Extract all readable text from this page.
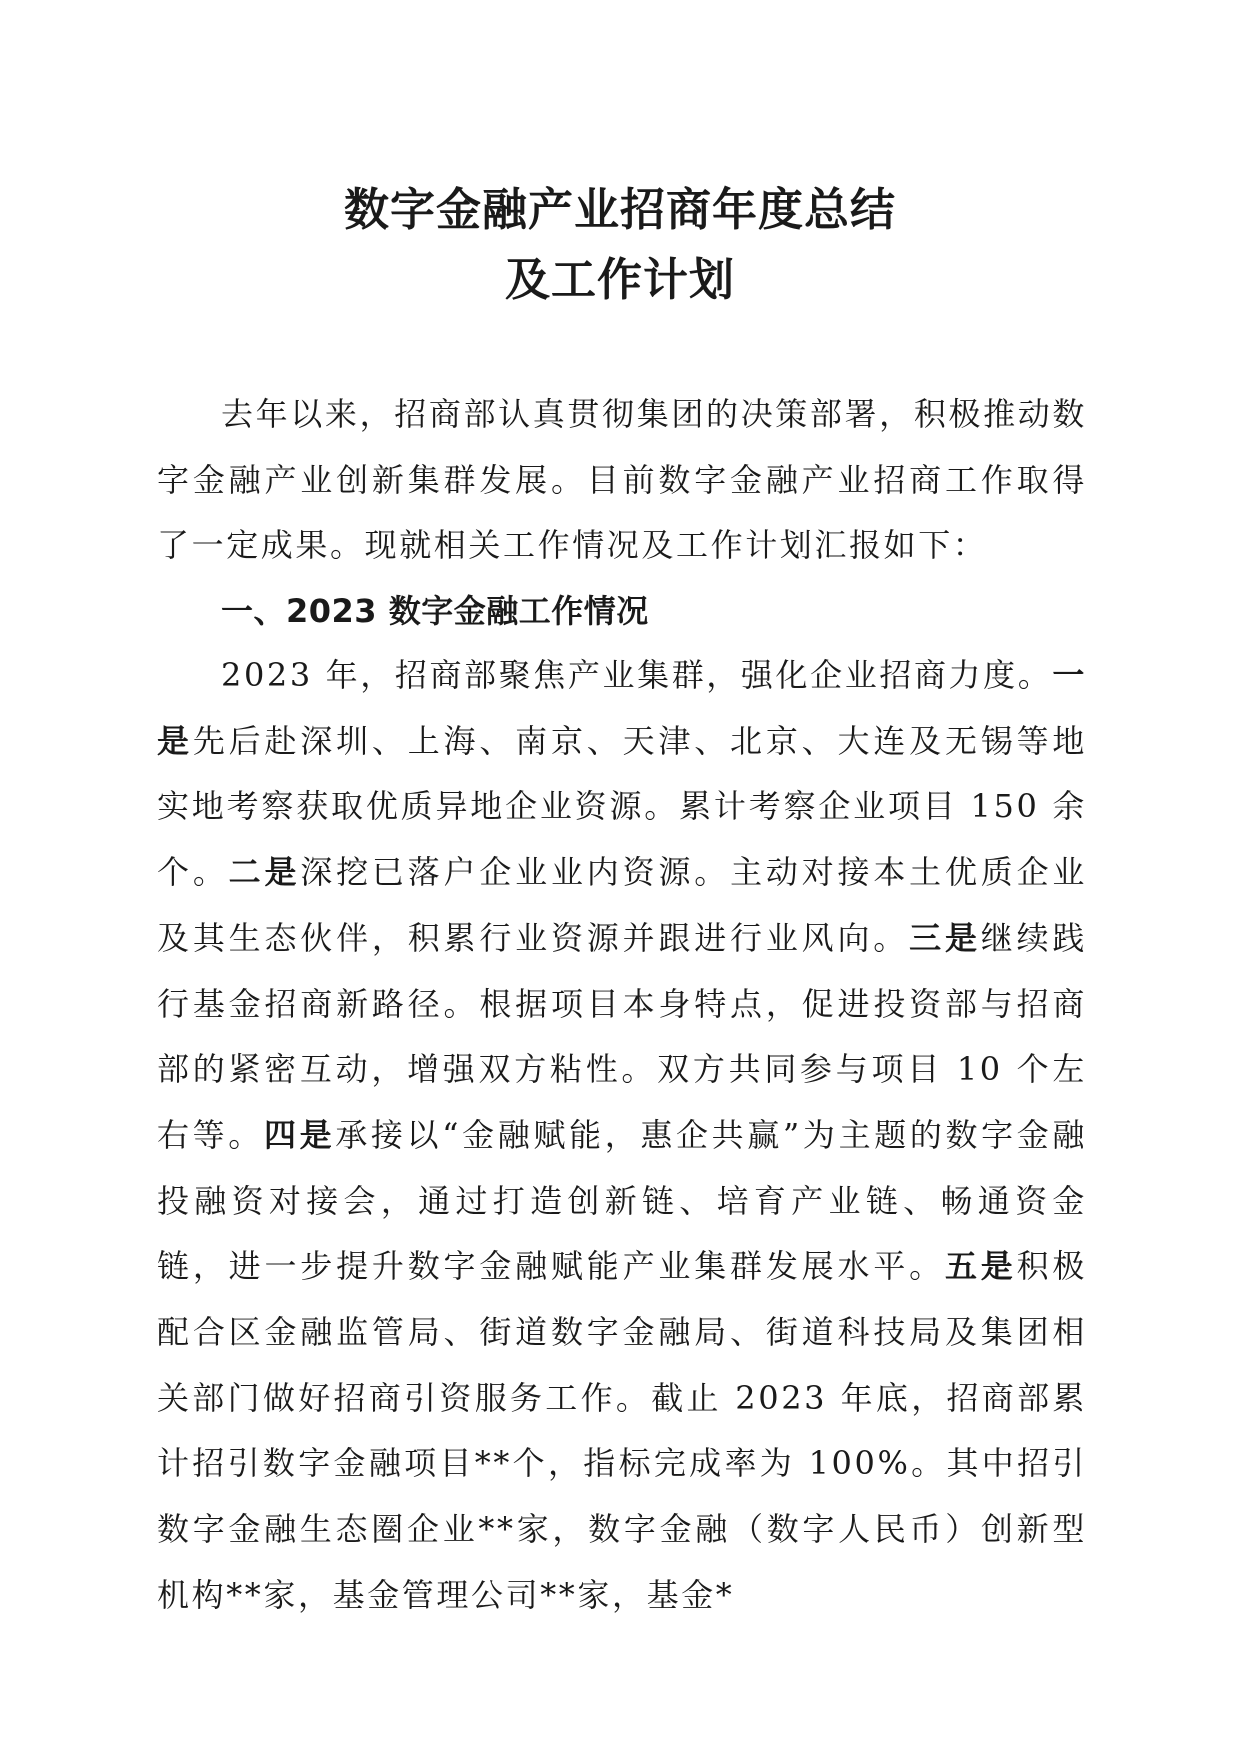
数字金融产业招商年度总结
及工作计划
去年以来，招商部认真贯彻集团的决策部署，积极推动数字金融产业创新集群发展。目前数字金融产业招商工作取得了一定成果。现就相关工作情况及工作计划汇报如下：
一、2023 数字金融工作情况
2023 年，招商部聚焦产业集群，强化企业招商力度。一是先后赴深圳、上海、南京、天津、北京、大连及无锡等地实地考察获取优质异地企业资源。累计考察企业项目 150 余个。二是深挖已落户企业业内资源。主动对接本土优质企业及其生态伙伴，积累行业资源并跟进行业风向。三是继续践行基金招商新路径。根据项目本身特点，促进投资部与招商部的紧密互动，增强双方粘性。双方共同参与项目 10 个左右等。四是承接以“金融赋能，惠企共赢”为主题的数字金融投融资对接会，通过打造创新链、培育产业链、畅通资金链，进一步提升数字金融赋能产业集群发展水平。五是积极配合区金融监管局、街道数字金融局、街道科技局及集团相关部门做好招商引资服务工作。截止 2023 年底，招商部累计招引数字金融项目**个，指标完成率为 100%。其中招引数字金融生态圈企业**家，数字金融（数字人民币）创新型机构**家，基金管理公司**家，基金*
